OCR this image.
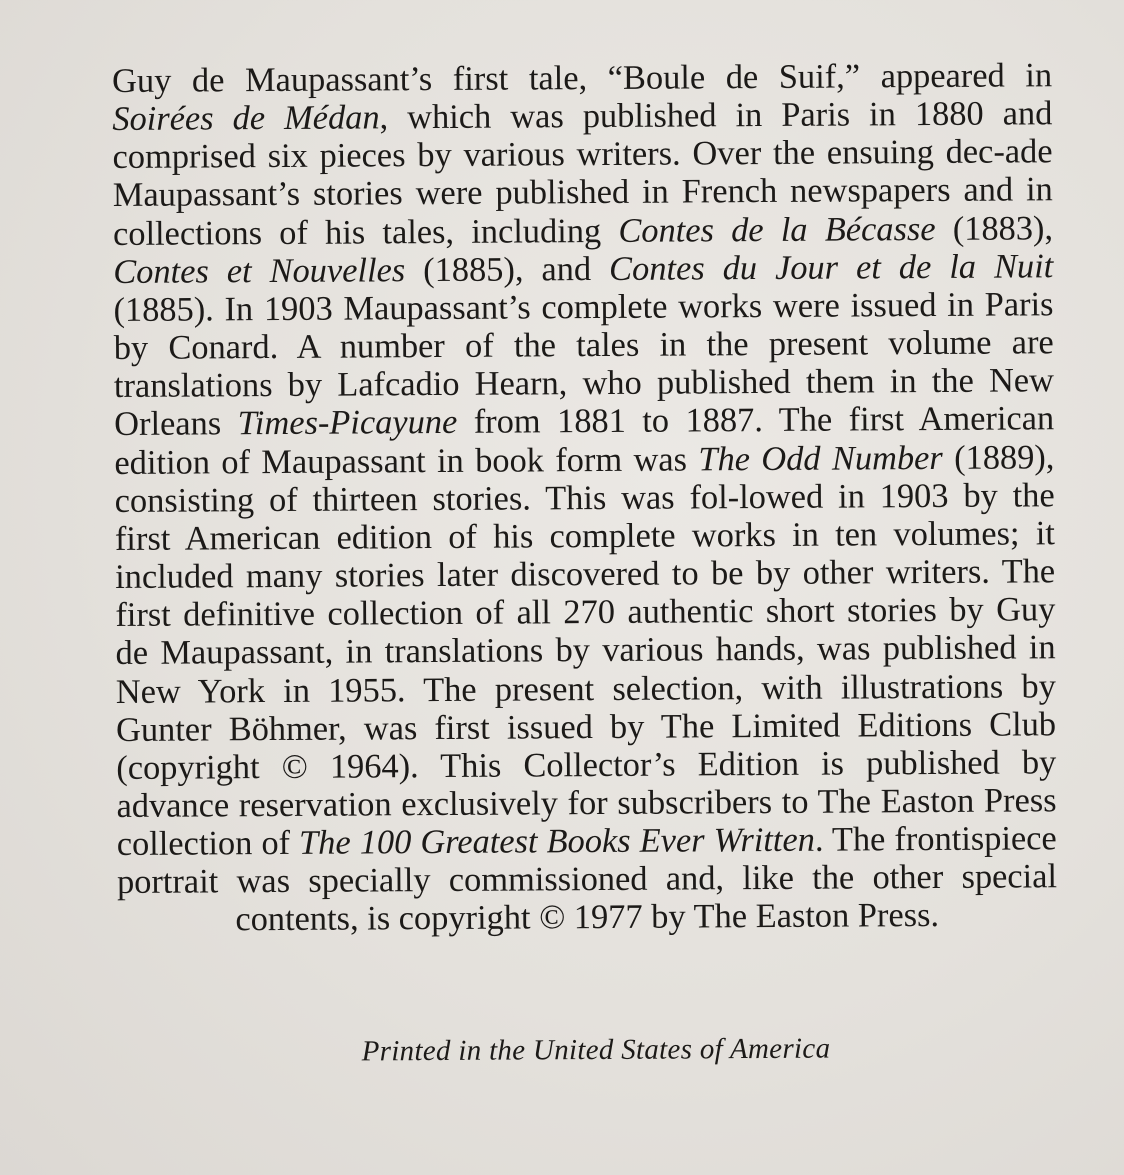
Guy de Maupassant’s first tale, “Boule de Suif,” appeared in Soirées de Médan, which was published in Paris in 1880 and comprised six pieces by various writers. Over the ensuing dec-ade Maupassant’s stories were published in French newspapers and in collections of his tales, including Contes de la Bécasse (1883), Contes et Nouvelles (1885), and Contes du Jour et de la Nuit (1885). In 1903 Maupassant’s complete works were issued in Paris by Conard. A number of the tales in the present volume are translations by Lafcadio Hearn, who published them in the New Orleans Times-Picayune from 1881 to 1887. The first American edition of Maupassant in book form was The Odd Number (1889), consisting of thirteen stories. This was fol-lowed in 1903 by the first American edition of his complete works in ten volumes; it included many stories later discovered to be by other writers. The first definitive collection of all 270 authentic short stories by Guy de Maupassant, in translations by various hands, was published in New York in 1955. The present selection, with illustrations by Gunter Böhmer, was first issued by The Limited Editions Club (copyright © 1964). This Collector’s Edition is published by advance reservation exclusively for subscribers to The Easton Press collection of The 100 Greatest Books Ever Written. The frontispiece portrait was specially commissioned and, like the other special contents, is copyright © 1977 by The Easton Press.

Printed in the United States of America
